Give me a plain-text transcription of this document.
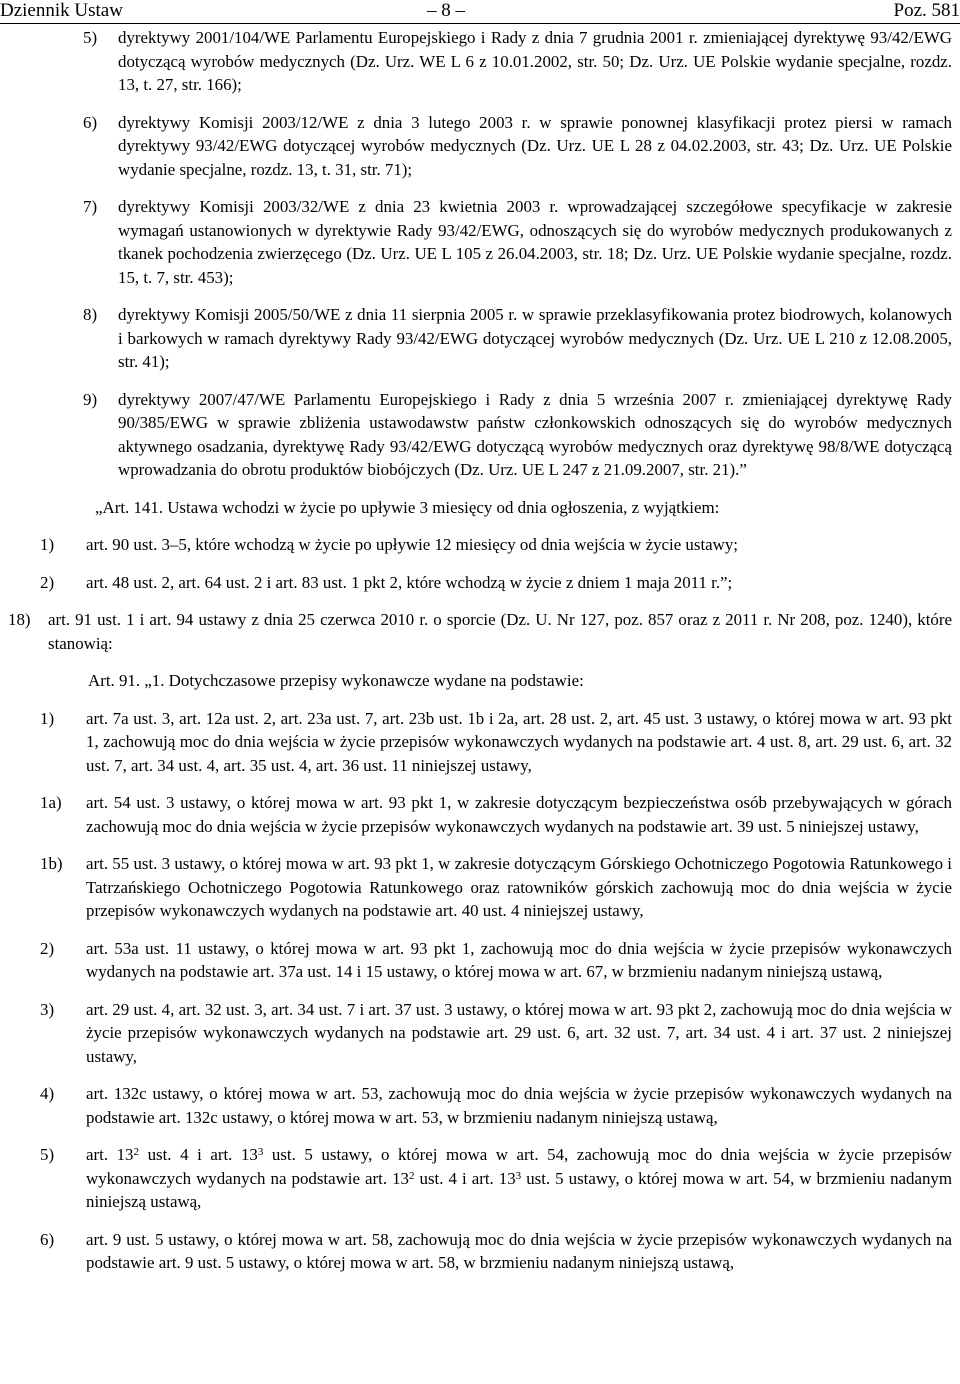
Dziennik Ustaw	– 8 –	Poz. 581
5) dyrektywy 2001/104/WE Parlamentu Europejskiego i Rady z dnia 7 grudnia 2001 r. zmieniającej dyrektywę 93/42/EWG dotyczącą wyrobów medycznych (Dz. Urz. WE L 6 z 10.01.2002, str. 50; Dz. Urz. UE Polskie wydanie specjalne, rozdz. 13, t. 27, str. 166);
6) dyrektywy Komisji 2003/12/WE z dnia 3 lutego 2003 r. w sprawie ponownej klasyfikacji protez piersi w ramach dyrektywy 93/42/EWG dotyczącej wyrobów medycznych (Dz. Urz. UE L 28 z 04.02.2003, str. 43; Dz. Urz. UE Polskie wydanie specjalne, rozdz. 13, t. 31, str. 71);
7) dyrektywy Komisji 2003/32/WE z dnia 23 kwietnia 2003 r. wprowadzającej szczegółowe specyfikacje w zakresie wymagań ustanowionych w dyrektywie Rady 93/42/EWG, odnoszących się do wyrobów medycznych produkowanych z tkanek pochodzenia zwierzęcego (Dz. Urz. UE L 105 z 26.04.2003, str. 18; Dz. Urz. UE Polskie wydanie specjalne, rozdz. 15, t. 7, str. 453);
8) dyrektywy Komisji 2005/50/WE z dnia 11 sierpnia 2005 r. w sprawie przeklasyfikowania protez biodrowych, kolanowych i barkowych w ramach dyrektywy Rady 93/42/EWG dotyczącej wyrobów medycznych (Dz. Urz. UE L 210 z 12.08.2005, str. 41);
9) dyrektywy 2007/47/WE Parlamentu Europejskiego i Rady z dnia 5 września 2007 r. zmieniającej dyrektywę Rady 90/385/EWG w sprawie zbliżenia ustawodawstw państw członkowskich odnoszących się do wyrobów medycznych aktywnego osadzania, dyrektywę Rady 93/42/EWG dotyczącą wyrobów medycznych oraz dyrektywę 98/8/WE dotyczącą wprowadzania do obrotu produktów biobójczych (Dz. Urz. UE L 247 z 21.09.2007, str. 21).”
„Art. 141. Ustawa wchodzi w życie po upływie 3 miesięcy od dnia ogłoszenia, z wyjątkiem:
1) art. 90 ust. 3–5, które wchodzą w życie po upływie 12 miesięcy od dnia wejścia w życie ustawy;
2) art. 48 ust. 2, art. 64 ust. 2 i art. 83 ust. 1 pkt 2, które wchodzą w życie z dniem 1 maja 2011 r.”;
18) art. 91 ust. 1 i art. 94 ustawy z dnia 25 czerwca 2010 r. o sporcie (Dz. U. Nr 127, poz. 857 oraz z 2011 r. Nr 208, poz. 1240), które stanowią:
Art. 91. „1. Dotychczasowe przepisy wykonawcze wydane na podstawie:
1) art. 7a ust. 3, art. 12a ust. 2, art. 23a ust. 7, art. 23b ust. 1b i 2a, art. 28 ust. 2, art. 45 ust. 3 ustawy, o której mowa w art. 93 pkt 1, zachowują moc do dnia wejścia w życie przepisów wykonawczych wydanych na podstawie art. 4 ust. 8, art. 29 ust. 6, art. 32 ust. 7, art. 34 ust. 4, art. 35 ust. 4, art. 36 ust. 11 niniejszej ustawy,
1a) art. 54 ust. 3 ustawy, o której mowa w art. 93 pkt 1, w zakresie dotyczącym bezpieczeństwa osób przebywających w górach zachowują moc do dnia wejścia w życie przepisów wykonawczych wydanych na podstawie art. 39 ust. 5 niniejszej ustawy,
1b) art. 55 ust. 3 ustawy, o której mowa w art. 93 pkt 1, w zakresie dotyczącym Górskiego Ochotniczego Pogotowia Ratunkowego i Tatrzańskiego Ochotniczego Pogotowia Ratunkowego oraz ratowników górskich zachowują moc do dnia wejścia w życie przepisów wykonawczych wydanych na podstawie art. 40 ust. 4 niniejszej ustawy,
2) art. 53a ust. 11 ustawy, o której mowa w art. 93 pkt 1, zachowują moc do dnia wejścia w życie przepisów wykonawczych wydanych na podstawie art. 37a ust. 14 i 15 ustawy, o której mowa w art. 67, w brzmieniu nadanym niniejszą ustawą,
3) art. 29 ust. 4, art. 32 ust. 3, art. 34 ust. 7 i art. 37 ust. 3 ustawy, o której mowa w art. 93 pkt 2, zachowują moc do dnia wejścia w życie przepisów wykonawczych wydanych na podstawie art. 29 ust. 6, art. 32 ust. 7, art. 34 ust. 4 i art. 37 ust. 2 niniejszej ustawy,
4) art. 132c ustawy, o której mowa w art. 53, zachowują moc do dnia wejścia w życie przepisów wykonawczych wydanych na podstawie art. 132c ustawy, o której mowa w art. 53, w brzmieniu nadanym niniejszą ustawą,
5) art. $13^2$ ust. 4 i art. $13^3$ ust. 5 ustawy, o której mowa w art. 54, zachowują moc do dnia wejścia w życie przepisów wykonawczych wydanych na podstawie art. $13^2$ ust. 4 i art. $13^3$ ust. 5 ustawy, o której mowa w art. 54, w brzmieniu nadanym niniejszą ustawą,
6) art. 9 ust. 5 ustawy, o której mowa w art. 58, zachowują moc do dnia wejścia w życie przepisów wykonawczych wydanych na podstawie art. 9 ust. 5 ustawy, o której mowa w art. 58, w brzmieniu nadanym niniejszą ustawą,
